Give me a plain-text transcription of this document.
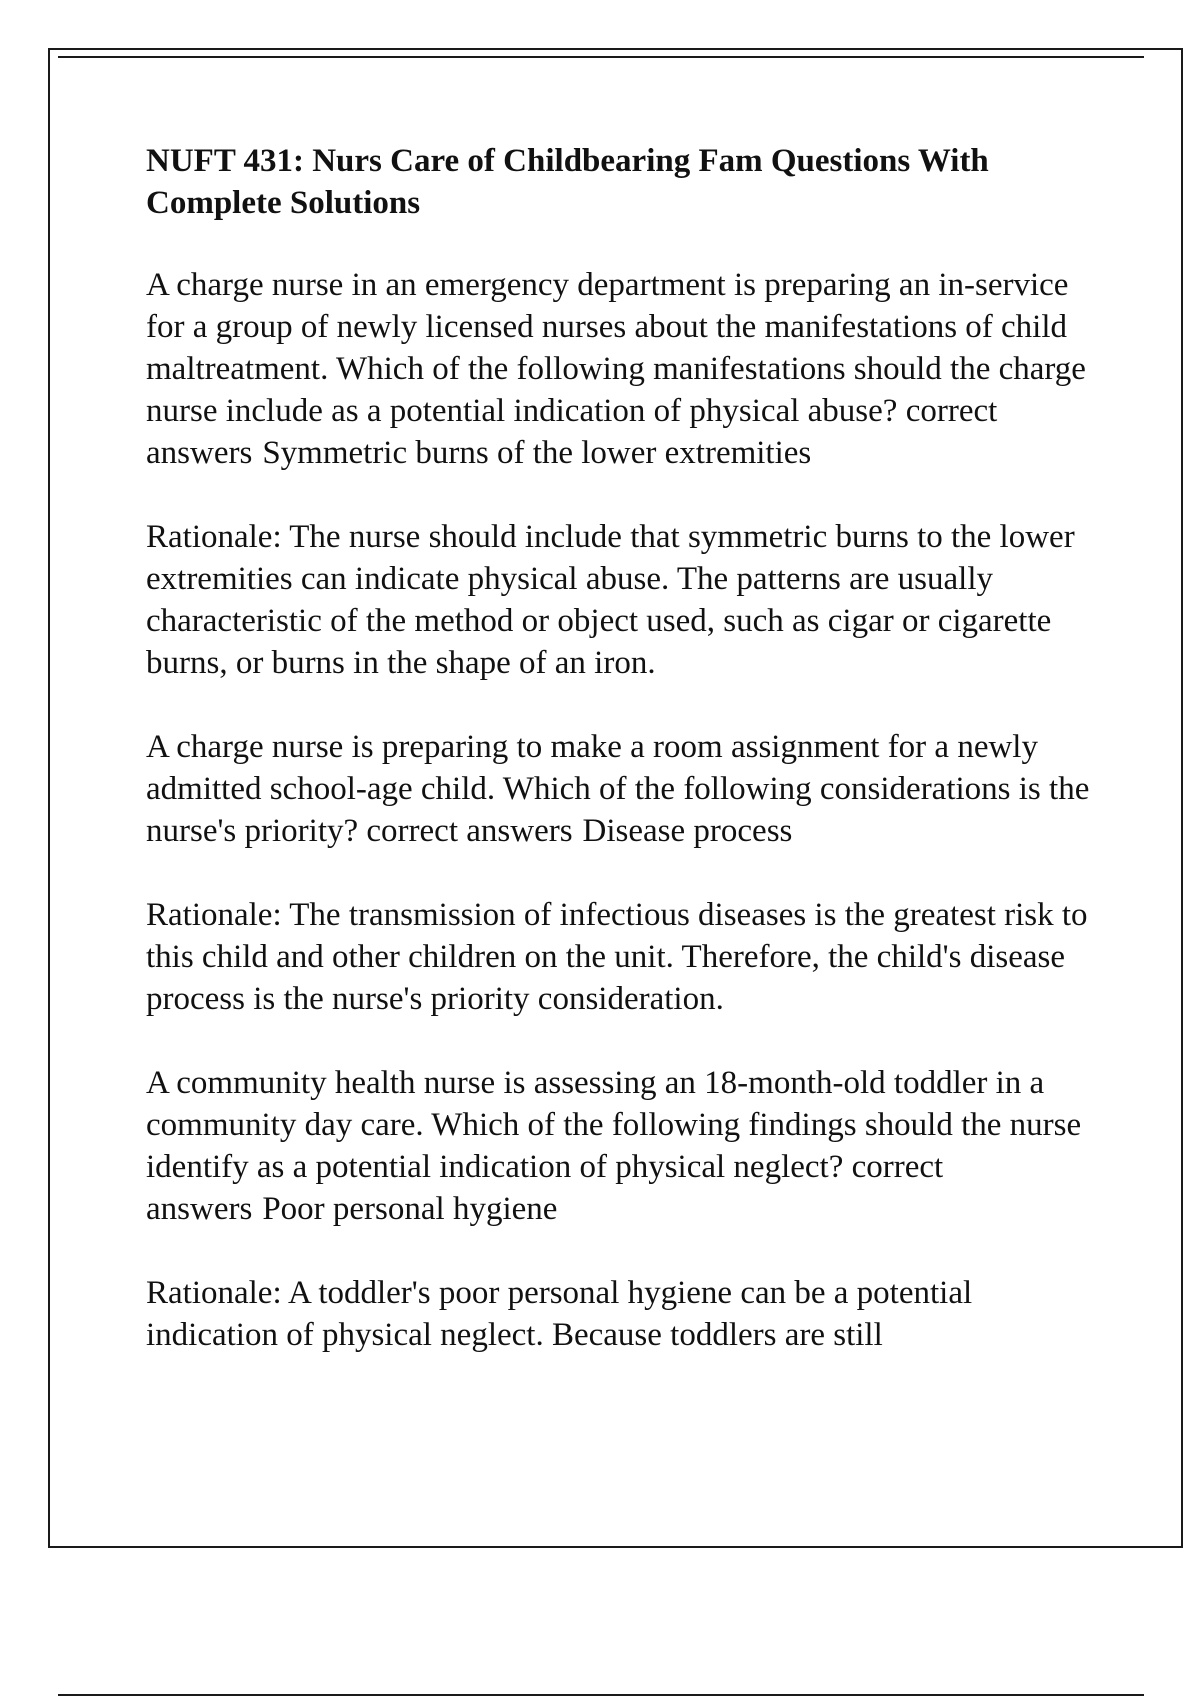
NUFT 431: Nurs Care of Childbearing Fam Questions With Complete Solutions

A charge nurse in an emergency department is preparing an in-service for a group of newly licensed nurses about the manifestations of child maltreatment. Which of the following manifestations should the charge nurse include as a potential indication of physical abuse? correct answers Symmetric burns of the lower extremities

Rationale: The nurse should include that symmetric burns to the lower extremities can indicate physical abuse. The patterns are usually characteristic of the method or object used, such as cigar or cigarette burns, or burns in the shape of an iron.

A charge nurse is preparing to make a room assignment for a newly admitted school-age child. Which of the following considerations is the nurse's priority? correct answers Disease process

Rationale: The transmission of infectious diseases is the greatest risk to this child and other children on the unit. Therefore, the child's disease process is the nurse's priority consideration.

A community health nurse is assessing an 18-month-old toddler in a community day care. Which of the following findings should the nurse identify as a potential indication of physical neglect? correct answers Poor personal hygiene

Rationale: A toddler's poor personal hygiene can be a potential indication of physical neglect. Because toddlers are still
